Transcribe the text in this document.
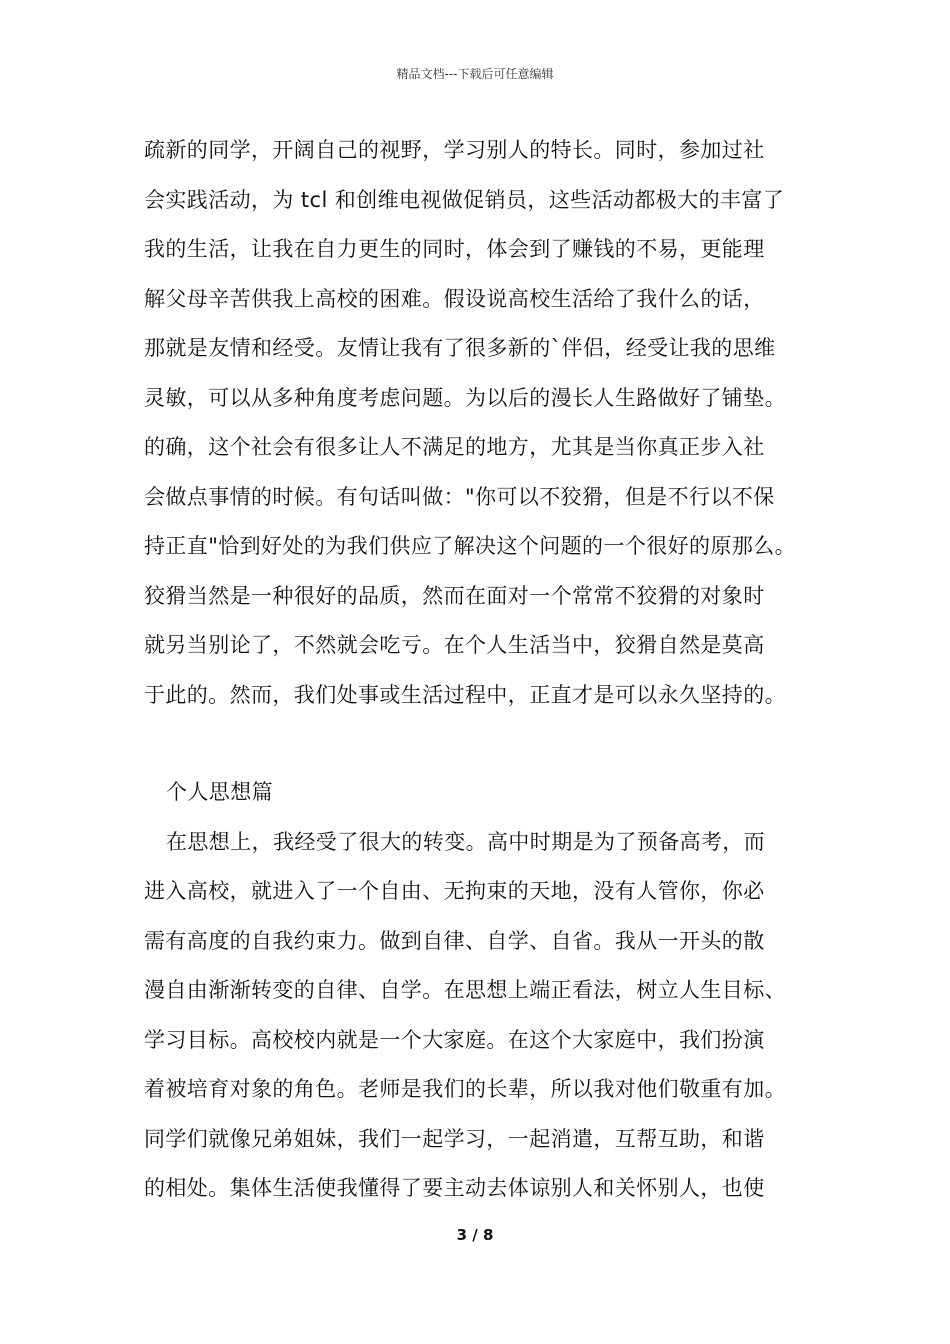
精品文档---下载后可任意编辑
疏新的同学，开阔自己的视野，学习别人的特长。同时，参加过社
会实践活动，为 tcl 和创维电视做促销员，这些活动都极大的丰富了
我的生活，让我在自力更生的同时，体会到了赚钱的不易，更能理
解父母辛苦供我上高校的困难。假设说高校生活给了我什么的话，
那就是友情和经受。友情让我有了很多新的`伴侣，经受让我的思维
灵敏，可以从多种角度考虑问题。为以后的漫长人生路做好了铺垫。
的确，这个社会有很多让人不满足的地方，尤其是当你真正步入社
会做点事情的时候。有句话叫做："你可以不狡猾，但是不行以不保
持正直"恰到好处的为我们供应了解决这个问题的一个很好的原那么。
狡猾当然是一种很好的品质，然而在面对一个常常不狡猾的对象时
就另当别论了，不然就会吃亏。在个人生活当中，狡猾自然是莫高
于此的。然而，我们处事或生活过程中，正直才是可以永久坚持的。
个人思想篇
在思想上，我经受了很大的转变。高中时期是为了预备高考，而
进入高校，就进入了一个自由、无拘束的天地，没有人管你，你必
需有高度的自我约束力。做到自律、自学、自省。我从一开头的散
漫自由渐渐转变的自律、自学。在思想上端正看法，树立人生目标、
学习目标。高校校内就是一个大家庭。在这个大家庭中，我们扮演
着被培育对象的角色。老师是我们的长辈，所以我对他们敬重有加。
同学们就像兄弟姐妹，我们一起学习，一起消遣，互帮互助，和谐
的相处。集体生活使我懂得了要主动去体谅别人和关怀别人，也使
3 / 8
